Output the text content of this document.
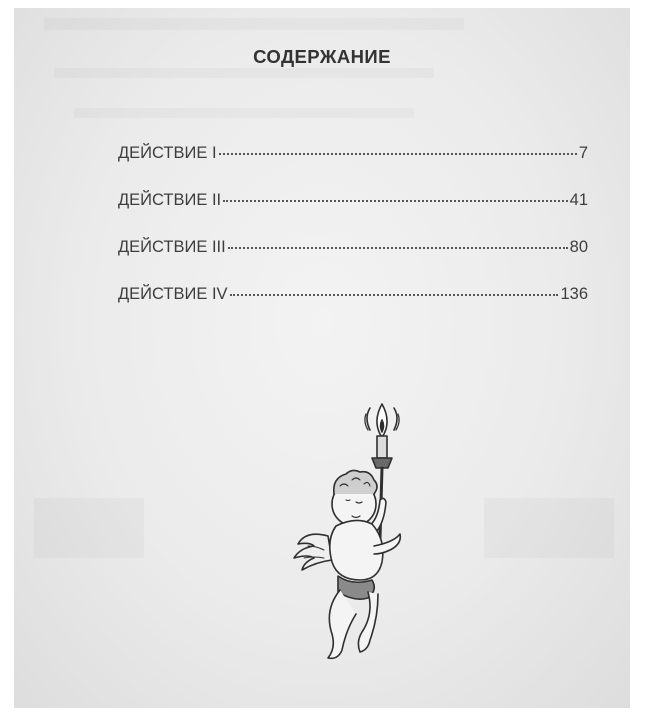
СОДЕРЖАНИЕ
ДЕЙСТВИЕ I	7
ДЕЙСТВИЕ II	41
ДЕЙСТВИЕ III	80
ДЕЙСТВИЕ IV	136
